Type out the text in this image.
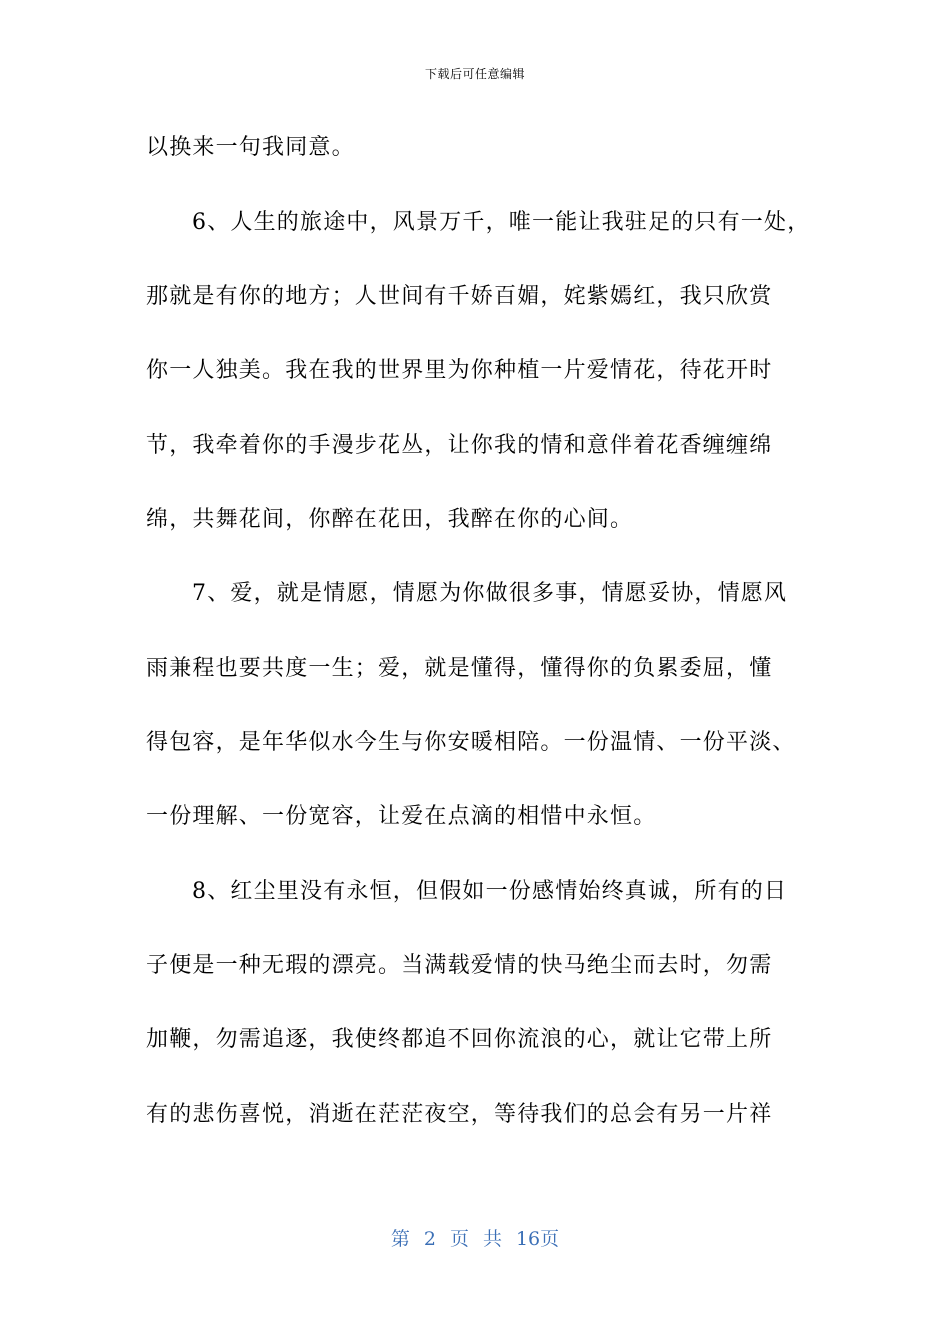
下载后可任意编辑
以换来一句我同意。
6、人生的旅途中，风景万千，唯一能让我驻足的只有一处，
那就是有你的地方；人世间有千娇百媚，姹紫嫣红，我只欣赏
你一人独美。我在我的世界里为你种植一片爱情花，待花开时
节，我牵着你的手漫步花丛，让你我的情和意伴着花香缠缠绵
绵，共舞花间，你醉在花田，我醉在你的心间。
7、爱，就是情愿，情愿为你做很多事，情愿妥协，情愿风
雨兼程也要共度一生；爱，就是懂得，懂得你的负累委屈，懂
得包容，是年华似水今生与你安暖相陪。一份温情、一份平淡、
一份理解、一份宽容，让爱在点滴的相惜中永恒。
8、红尘里没有永恒，但假如一份感情始终真诚，所有的日
子便是一种无瑕的漂亮。当满载爱情的快马绝尘而去时，勿需
加鞭，勿需追逐，我使终都追不回你流浪的心，就让它带上所
有的悲伤喜悦，消逝在茫茫夜空，等待我们的总会有另一片祥
第 2 页 共 16页
